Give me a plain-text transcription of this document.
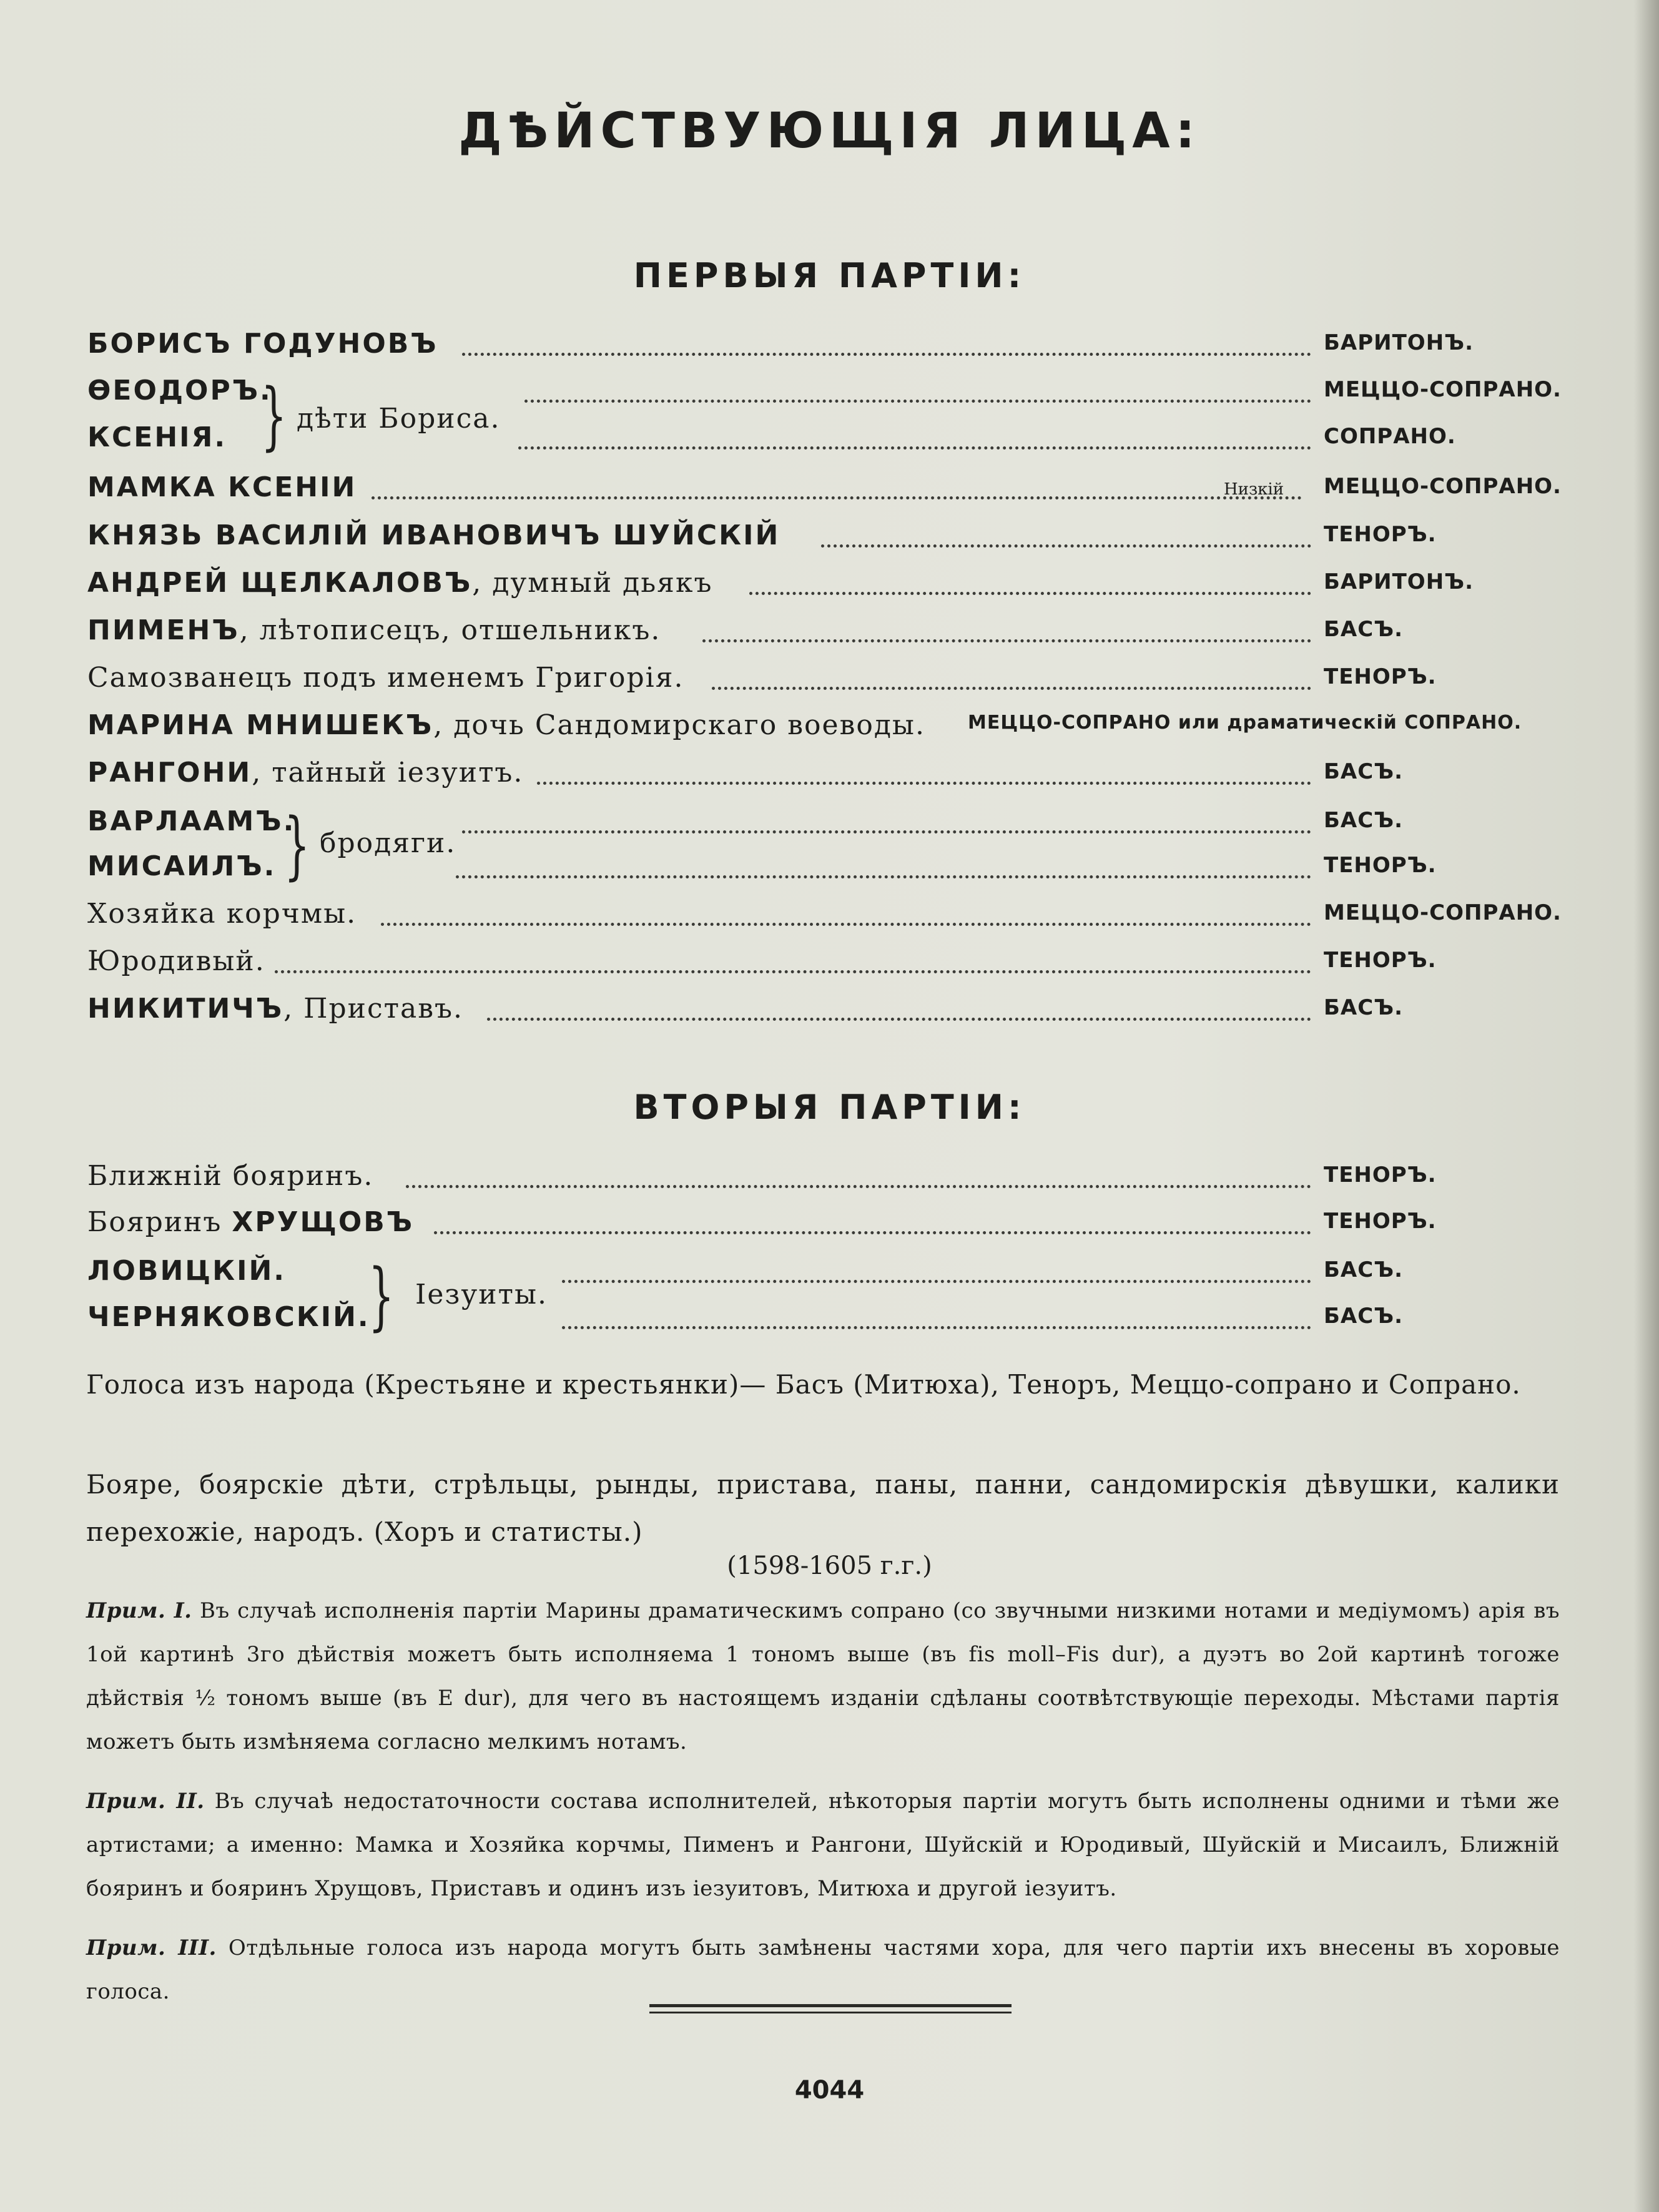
ДѢЙСТВУЮЩІЯ ЛИЦА:
ПЕРВЫЯ ПАРТІИ:
БОРИСЪ ГОДУНОВЪ	БАРИТОНЪ.
ѲЕОДОРЪ.	МЕЦЦО-СОПРАНО.
КСЕНІЯ.	СОПРАНО.
} дѣти Бориса.
МАМКА КСЕНІИ	Низкій МЕЦЦО-СОПРАНО.
КНЯЗЬ ВАСИЛІЙ ИВАНОВИЧЪ ШУЙСКІЙ	ТЕНОРЪ.
АНДРЕЙ ЩЕЛКАЛОВЪ, думный дьякъ	БАРИТОНЪ.
ПИМЕНЪ, лѣтописецъ, отшельникъ.	БАСЪ.
Самозванецъ подъ именемъ Григорія.	ТЕНОРЪ.
МАРИНА МНИШЕКЪ, дочь Сандомирскаго воеводы. МЕЦЦО-СОПРАНО или драматическій СОПРАНО.
РАНГОНИ, тайный іезуитъ.	БАСЪ.
ВАРЛААМЪ.	БАСЪ.
МИСАИЛЪ.	ТЕНОРЪ.
} бродяги.
Хозяйка корчмы.	МЕЦЦО-СОПРАНО.
Юродивый.	ТЕНОРЪ.
НИКИТИЧЪ, Приставъ.	БАСЪ.
ВТОРЫЯ ПАРТІИ:
Ближній бояринъ.	ТЕНОРЪ.
Бояринъ ХРУЩОВЪ	ТЕНОРЪ.
ЛОВИЦКІЙ.	БАСЪ.
ЧЕРНЯКОВСКІЙ.	БАСЪ.
} Іезуиты.

Голоса изъ народа (Крестьяне и крестьянки)— Басъ (Митюха), Теноръ, Меццо-сопрано и Сопрано.

Бояре, боярскіе дѣти, стрѣльцы, рынды, пристава, паны, панни, сандомирскія дѣвушки, калики перехожіе, народъ. (Хоръ и статисты.)

(1598-1605 г.г.)

Прим. I. Въ случаѣ исполненія партіи Марины драматическимъ сопрано (со звучными низкими нотами и медіумомъ) арія въ 1ой картинѣ 3го дѣйствія можетъ быть исполняема 1 тономъ выше (въ fis moll–Fis dur), а дуэтъ во 2ой картинѣ тогоже дѣйствія ½ тономъ выше (въ E dur), для чего въ настоящемъ изданіи сдѣланы соотвѣтствующіе переходы. Мѣстами партія можетъ быть измѣняема согласно мелкимъ нотамъ.

Прим. II. Въ случаѣ недостаточности состава исполнителей, нѣкоторыя партіи могутъ быть исполнены одними и тѣми же артистами; а именно: Мамка и Хозяйка корчмы, Пименъ и Рангони, Шуйскій и Юродивый, Шуйскій и Мисаилъ, Ближній бояринъ и бояринъ Хрущовъ, Приставъ и одинъ изъ іезуитовъ, Митюха и другой іезуитъ.

Прим. III. Отдѣльные голоса изъ народа могутъ быть замѣнены частями хора, для чего партіи ихъ внесены въ хоровые голоса.

4044
